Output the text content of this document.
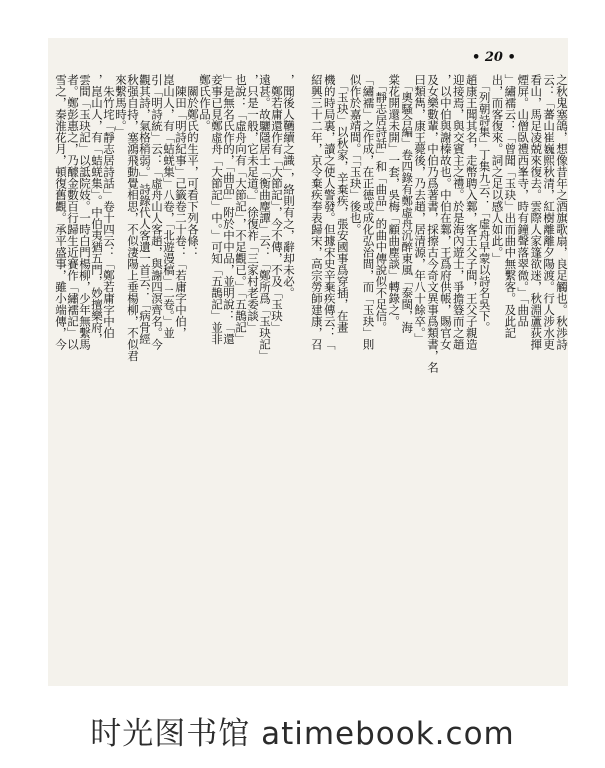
• 20 •
，聞後人韉續之識」，絡則有之，辭却未必。
　鄭若庸還作有「大節記」，今不傳，不及「玉玦」
遠甚。故驪隱居士「衡曲麈譚」云：「鄭所爲「玉玦記」
，只是一般，它未足道。」徐復祚「三家村老委談」
也說：「虛舟向有「大節記」，不足觀已。」「五鵲記」
」是無名氏作的，「曲品」附於中中品，並明說：「還
妾事已見鄭虛舟「大節記」中。」可知「五鵲記」並非
鄭氏作品。
　關於鄭氏的生平，可看下列各條：
　陳田「明詩紀事」己籤卷二十卷：「若庸字中伯，
崑山人，有「蛣蜣集」八卷，「北遊漫稿」二卷。」並
引「明詩統」云：「虛舟山人客趙，與謝四溟齊名。今
觀其詩，氣格稍弱。」詩錄代人客遺一首云：「病骨經
秋强自持，塞鴻飛動覺相思，不似淒陽上垂楊柳，不似君
來繫馬時。」
　朱竹垞「靜志居詩話」卷十四云：「鄭若庸字中伯
，崑山人，有「蛣蜣集」。中伯夷猶五門，妙擅樂府，
雲間「玉玦記」以詆院妓。一時白門楊柳，少年無繫馬
者。鄭彭惠之，乃醵金數百行歸生近賽作「繡襦記」以
雪之，秦淮花月，頓復舊觀。承平盛事，雖小端傳，今	之秋鬼塞鴿，想像昔年之酒旗歌扇，良足觸也。秋渉詩
云：「蕃山崔巍熙秋清，紅樹離離夕陽渡。行人涉水更
看山，馬足凌兢來復去。雲際人家篷欲迷，秋淵蘆荻揮
煙屏。山僧臥禮西峯寺，時有鐘聲落翠微。」「曲品
」繡襦云：「曾聞「玉玦」出而曲中無繫客。及此記
出，而客復來。詞之足以感人如此。」
　「列朝詩集」丁集九云：「虛舟早蒙以詩名吳下。
趙康王聞其名，走幣聘入鄴，客王父子間，王父子親造
迎接焉，與交賓主之禮。於是海內遊士，爭擔簦而之趙
，以中伯與謝榛故也。中伯在鄴，王爲府供帳，賜官女
及女樂數輩，中伯乃爲著書，採擦古今奇文異事爲類書，名
曰類雋，康王薨後，乃去趙，居清源，年八十餘卒。」
　「奧騷合編」卷四錄有鄭虛舟沉醉東風「泰閩，海
棠花開還未開」一套，吳梅「顧曲塵談」轉錄之。
　「靜志居詩話」和「曲品」的曲中傳說似不足信。
「繡襦」之作成，在正德或成化弘治間，而「玉玦」則
似作於嘉靖間。「「玉玦」後也。
　「玉玦」以秋家，辛棄疾，張安國事爲穿插，在畫
機的時局裏，讀之使人警發。但據宋史辛棄疾傳云：「
紹興三十二年，京令棄疾奉表歸宋，高宗勞師建康，召
时光图书馆 atimebook.com
